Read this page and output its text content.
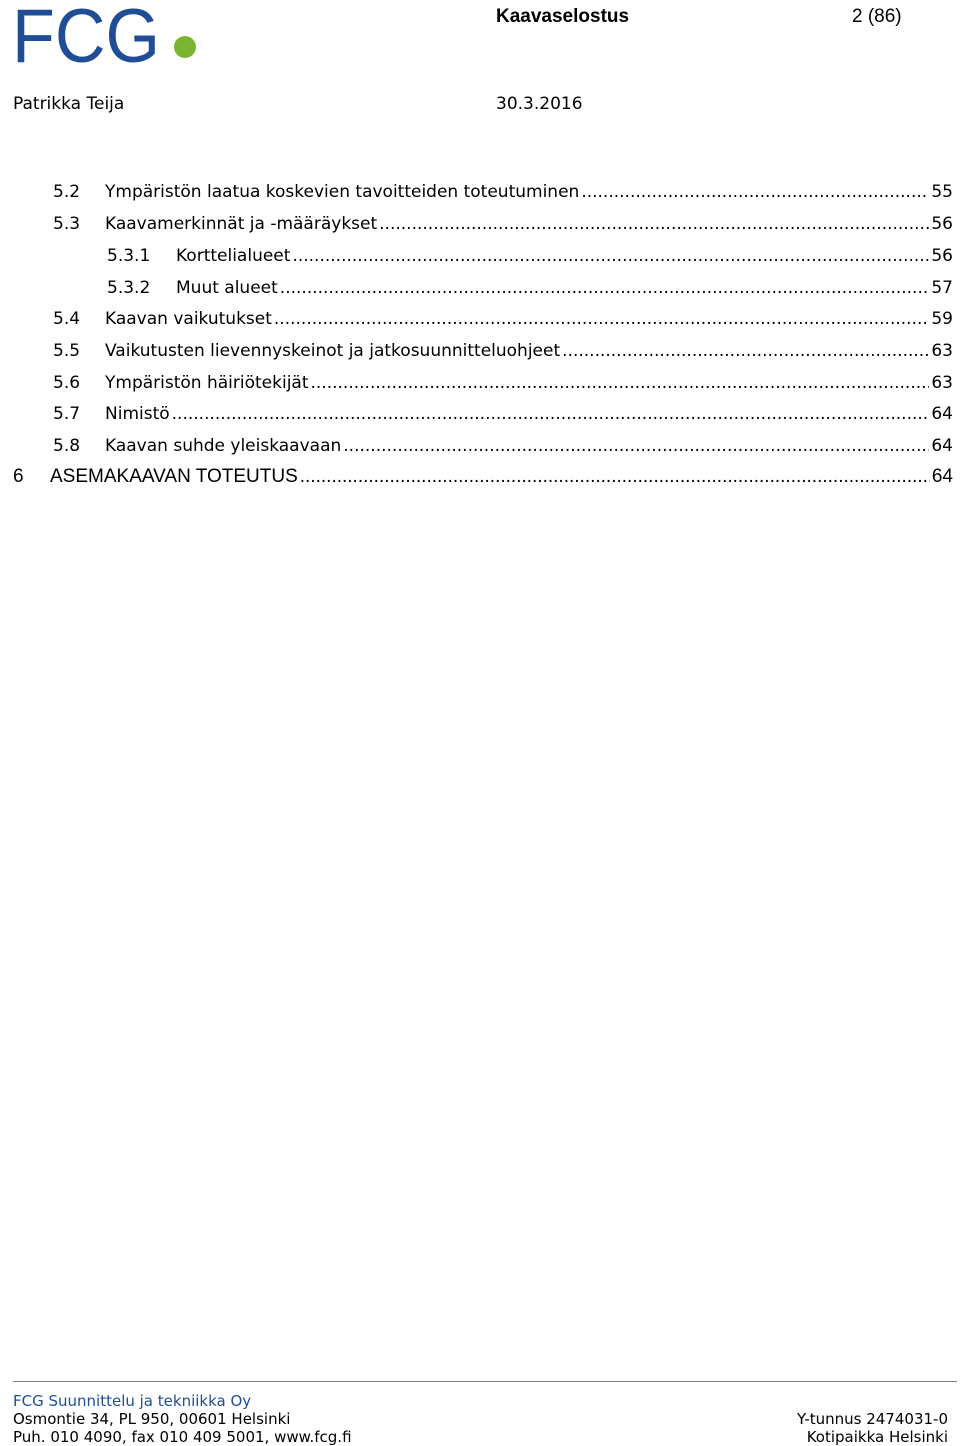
FCG	Kaavaselostus	2 (86)
Patrikka Teija	30.3.2016
5.2	Ympäristön laatua koskevien tavoitteiden toteutuminen .....	55
5.3	Kaavamerkinnät ja -määräykset .....	56
5.3.1	Korttelialueet .....	56
5.3.2	Muut alueet .....	57
5.4	Kaavan vaikutukset .....	59
5.5	Vaikutusten lievennyskeinot ja jatkosuunnitteluohjeet .....	63
5.6	Ympäristön häiriötekijät .....	63
5.7	Nimistö .....	64
5.8	Kaavan suhde yleiskaavaan .....	64
6	ASEMAKAAVAN TOTEUTUS .....	64
FCG Suunnittelu ja tekniikka Oy
Osmontie 34, PL 950, 00601 Helsinki	Y-tunnus 2474031-0
Puh. 010 4090, fax 010 409 5001, www.fcg.fi	Kotipaikka Helsinki
